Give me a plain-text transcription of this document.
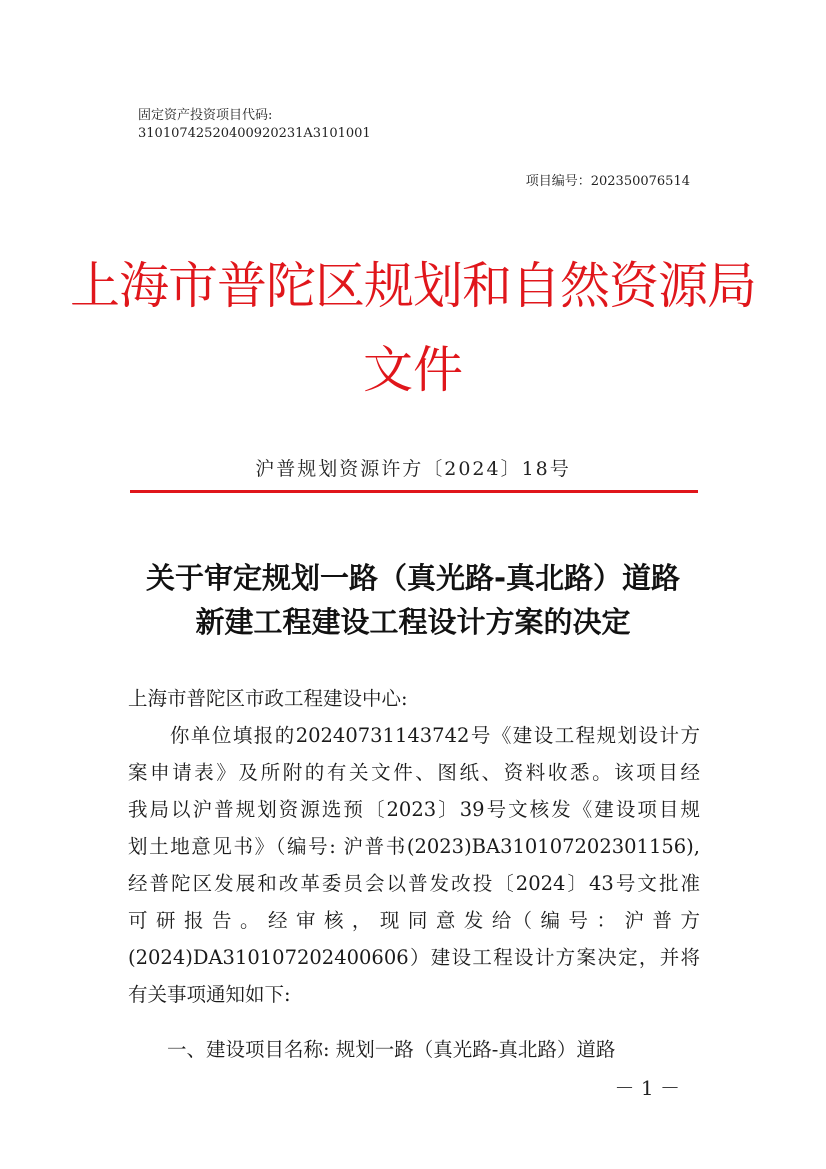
固定资产投资项目代码:
31010742520400920231A3101001
项目编号：202350076514
上海市普陀区规划和自然资源局
文件
沪普规划资源许方〔2024〕18号
关于审定规划一路（真光路-真北路）道路
新建工程建设工程设计方案的决定
上海市普陀区市政工程建设中心:
　　你单位填报的20240731143742号《建设工程规划设计方
案申请表》及所附的有关文件、图纸、资料收悉。该项目经
我局以沪普规划资源选预〔2023〕39号文核发《建设项目规
划土地意见书》（编号: 沪普书(2023)BA310107202301156),
经普陀区发展和改革委员会以普发改投〔2024〕43号文批准
可 研 报 告 。 经 审 核 ， 现 同 意 发 给（ 编 号 ： 沪 普 方
(2024)DA310107202400606）建设工程设计方案决定，并将
有关事项通知如下:
　　一、建设项目名称: 规划一路（真光路-真北路）道路
－ 1 －
